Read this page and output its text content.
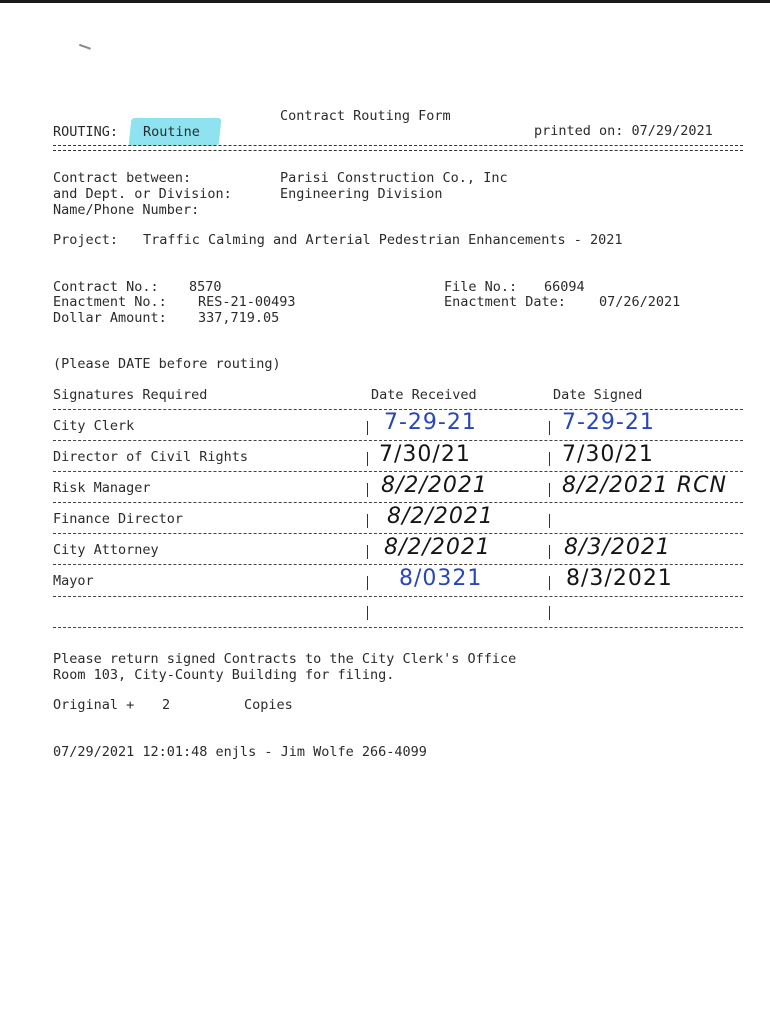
Contract Routing Form
ROUTING: Routine	printed on: 07/29/2021
Contract between:	Parisi Construction Co., Inc
and Dept. or Division:	Engineering Division
Name/Phone Number:
Project: Traffic Calming and Arterial Pedestrian Enhancements - 2021
Contract No.: 8570
Enactment No.: RES-21-00493
Dollar Amount: 337,719.05
File No.: 66094
Enactment Date: 07/26/2021
(Please DATE before routing)
Signatures Required	Date Received	Date Signed
City Clerk	7-29-21	7-29-21
Director of Civil Rights	7/30/21	7/30/21
Risk Manager	8/2/2021	8/2/2021 RCN
Finance Director	8/2/2021
City Attorney	8/2/2021	8/3/2021
Mayor	8/0321	8/3/2021
Please return signed Contracts to the City Clerk's Office
Room 103, City-County Building for filing.
Original + 2	Copies
07/29/2021 12:01:48 enjls - Jim Wolfe 266-4099
